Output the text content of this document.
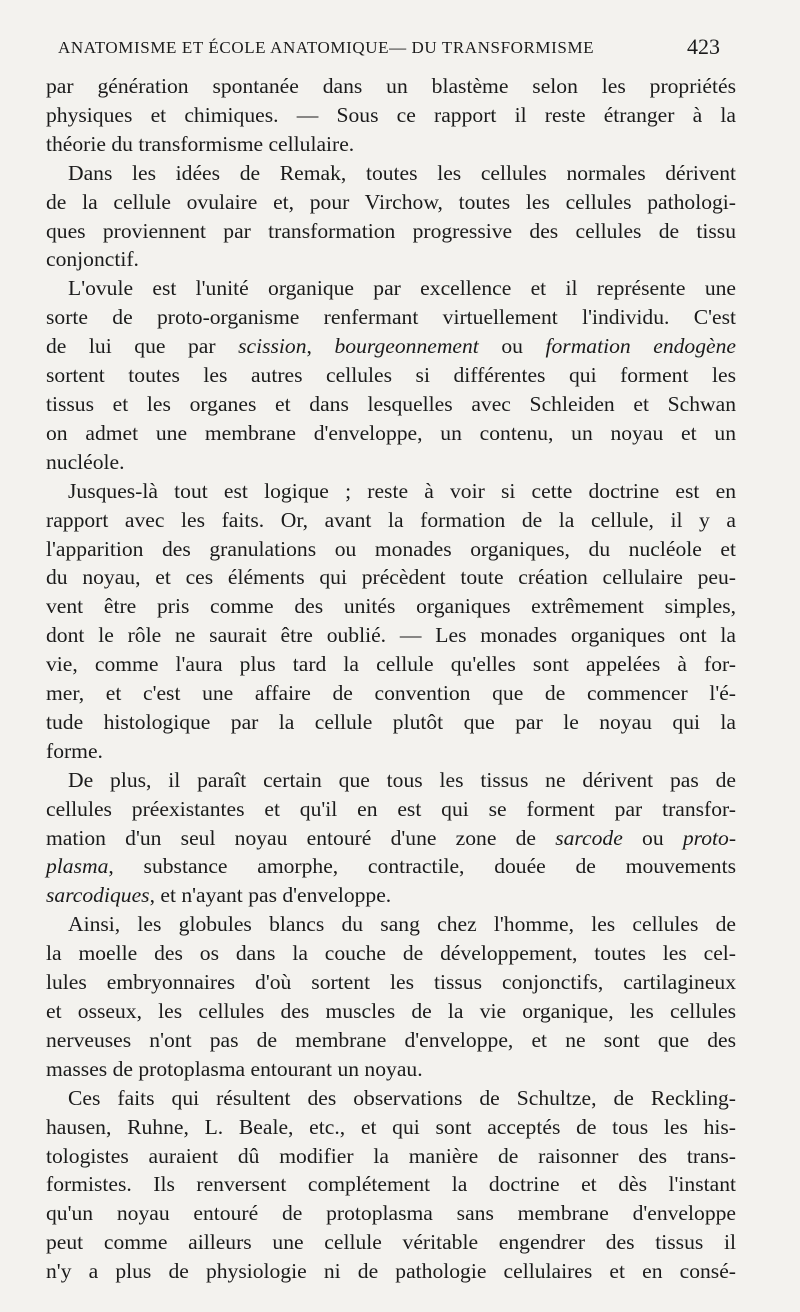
ANATOMISME ET ÉCOLE ANATOMIQUE— DU TRANSFORMISME	423
par génération spontanée dans un blastème selon les propriétés
physiques et chimiques. — Sous ce rapport il reste étranger à la
théorie du transformisme cellulaire.
Dans les idées de Remak, toutes les cellules normales dérivent
de la cellule ovulaire et, pour Virchow, toutes les cellules pathologi-
ques proviennent par transformation progressive des cellules de tissu
conjonctif.
L'ovule est l'unité organique par excellence et il représente une
sorte de proto-organisme renfermant virtuellement l'individu. C'est
de lui que par scission, bourgeonnement ou formation endogène
sortent toutes les autres cellules si différentes qui forment les
tissus et les organes et dans lesquelles avec Schleiden et Schwan
on admet une membrane d'enveloppe, un contenu, un noyau et un
nucléole.
Jusques-là tout est logique ; reste à voir si cette doctrine est en
rapport avec les faits. Or, avant la formation de la cellule, il y a
l'apparition des granulations ou monades organiques, du nucléole et
du noyau, et ces éléments qui précèdent toute création cellulaire peu-
vent être pris comme des unités organiques extrêmement simples,
dont le rôle ne saurait être oublié. — Les monades organiques ont la
vie, comme l'aura plus tard la cellule qu'elles sont appelées à for-
mer, et c'est une affaire de convention que de commencer l'é-
tude histologique par la cellule plutôt que par le noyau qui la
forme.
De plus, il paraît certain que tous les tissus ne dérivent pas de
cellules préexistantes et qu'il en est qui se forment par transfor-
mation d'un seul noyau entouré d'une zone de sarcode ou proto-
plasma, substance amorphe, contractile, douée de mouvements
sarcodiques, et n'ayant pas d'enveloppe.
Ainsi, les globules blancs du sang chez l'homme, les cellules de
la moelle des os dans la couche de développement, toutes les cel-
lules embryonnaires d'où sortent les tissus conjonctifs, cartilagineux
et osseux, les cellules des muscles de la vie organique, les cellules
nerveuses n'ont pas de membrane d'enveloppe, et ne sont que des
masses de protoplasma entourant un noyau.
Ces faits qui résultent des observations de Schultze, de Reckling-
hausen, Ruhne, L. Beale, etc., et qui sont acceptés de tous les his-
tologistes auraient dû modifier la manière de raisonner des trans-
formistes. Ils renversent complétement la doctrine et dès l'instant
qu'un noyau entouré de protoplasma sans membrane d'enveloppe
peut comme ailleurs une cellule véritable engendrer des tissus il
n'y a plus de physiologie ni de pathologie cellulaires et en consé-
